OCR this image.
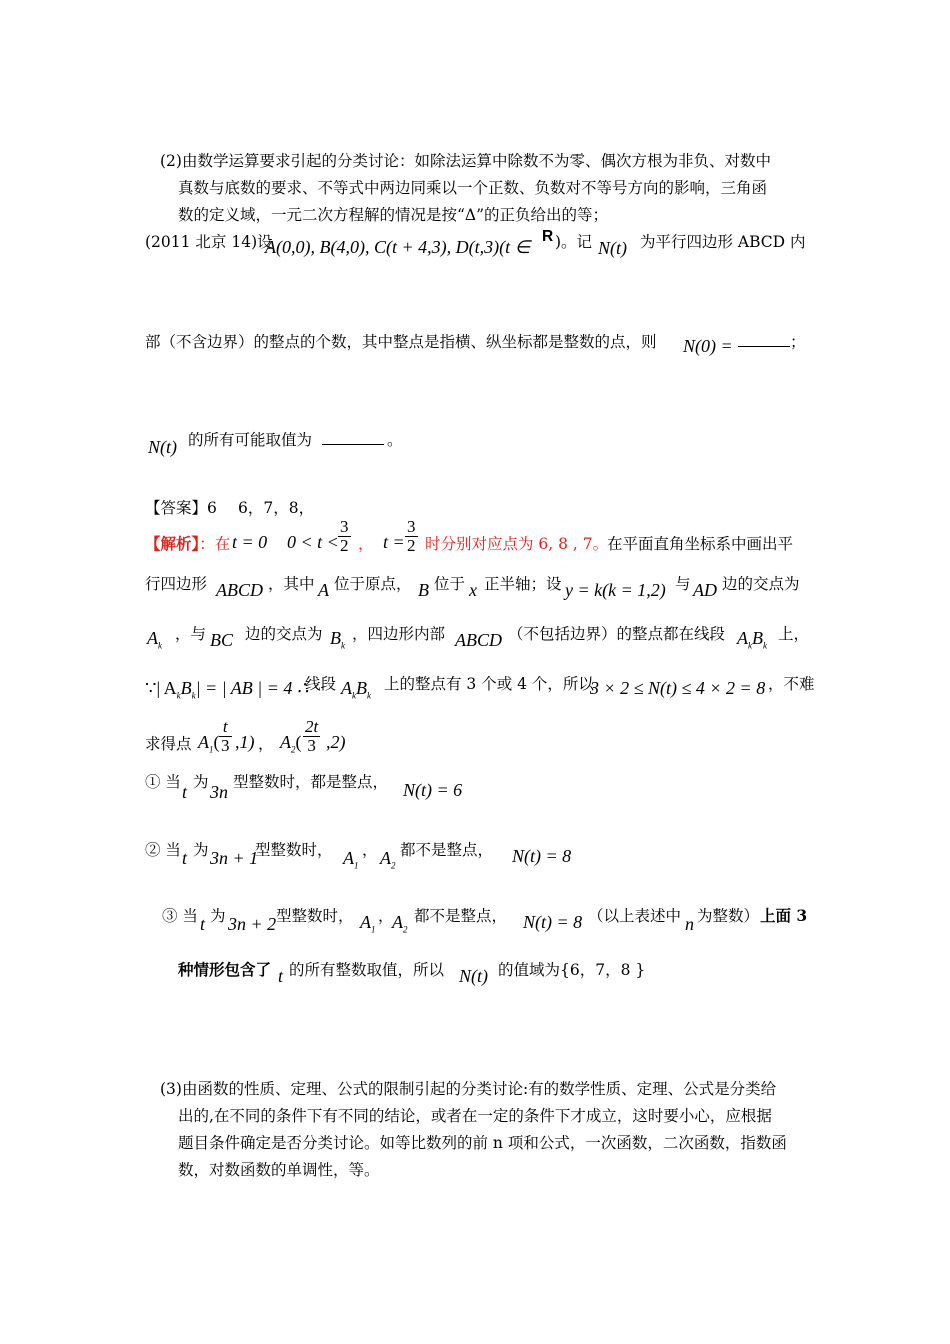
(2)由数学运算要求引起的分类讨论：如除法运算中除数不为零、偶次方根为非负、对数中
真数与底数的要求、不等式中两边同乘以一个正数、负数对不等号方向的影响，三角函
数的定义域，一元二次方程解的情况是按“Δ”的正负给出的等；
(2011 北京 14)设
A(0,0), B(4,0), C(t + 4,3), D(t,3)(t ∈
R )。记 N(t) 为平行四边形 ABCD 内
部（不含边界）的整点的个数，其中整点是指横、纵坐标都是整数的点，则 N(0) =	；
N(t) 的所有可能取值为	。
【答案】6 6，7，8，
【解析】：在 t = 0 $0 < t < \frac{3}{2}$ ， $t = \frac{3}{2}$ 时分别对应点为 6, 8 , 7。
在平面直角坐标系中画出平
行四边形 ABCD ，其中 A 位于原点， B 位于 x 正半轴；设 y = k(k = 1,2) 与 AD 边的交点为
$A_k$
，与 BC 边的交点为 $B_k$
，四边形内部 ABCD （不包括边界）的整点都在线段 $A_kB_k$
上，
∵| $A_kB_k|$ = | AB | = 4 ∴
线段 $A_kB_k$
上的整点有 3 个或 4 个，所以
3 × 2 ≤ N(t) ≤ 4 × 2 = 8 ，不难
求得点 $A_1( \frac{t}{3} ,1)$ ， $A_2( \frac{2t}{3} ,2)$
① 当 t 为 3n 型整数时，都是整点， N(t) = 6
② 当 t 为 3n + 1
型整数时， $A_1$
， $A_2$
都不是整点， N(t) = 8
③ 当 t 为 3n + 2 型整数时， $A_1$
，
$A_2$
都不是整点， N(t) = 8 （以上表述中 n 为整数） 上面 3
种情形包含了 t 的所有整数取值，所以 N(t) 的值域为{6，7，8 }
(3)由函数的性质、定理、公式的限制引起的分类讨论:有的数学性质、定理、公式是分类给
出的,在不同的条件下有不同的结论，或者在一定的条件下才成立，这时要小心，应根据
题目条件确定是否分类讨论。如等比数列的前 n 项和公式，一次函数，二次函数，指数函
数，对数函数的单调性，等。
